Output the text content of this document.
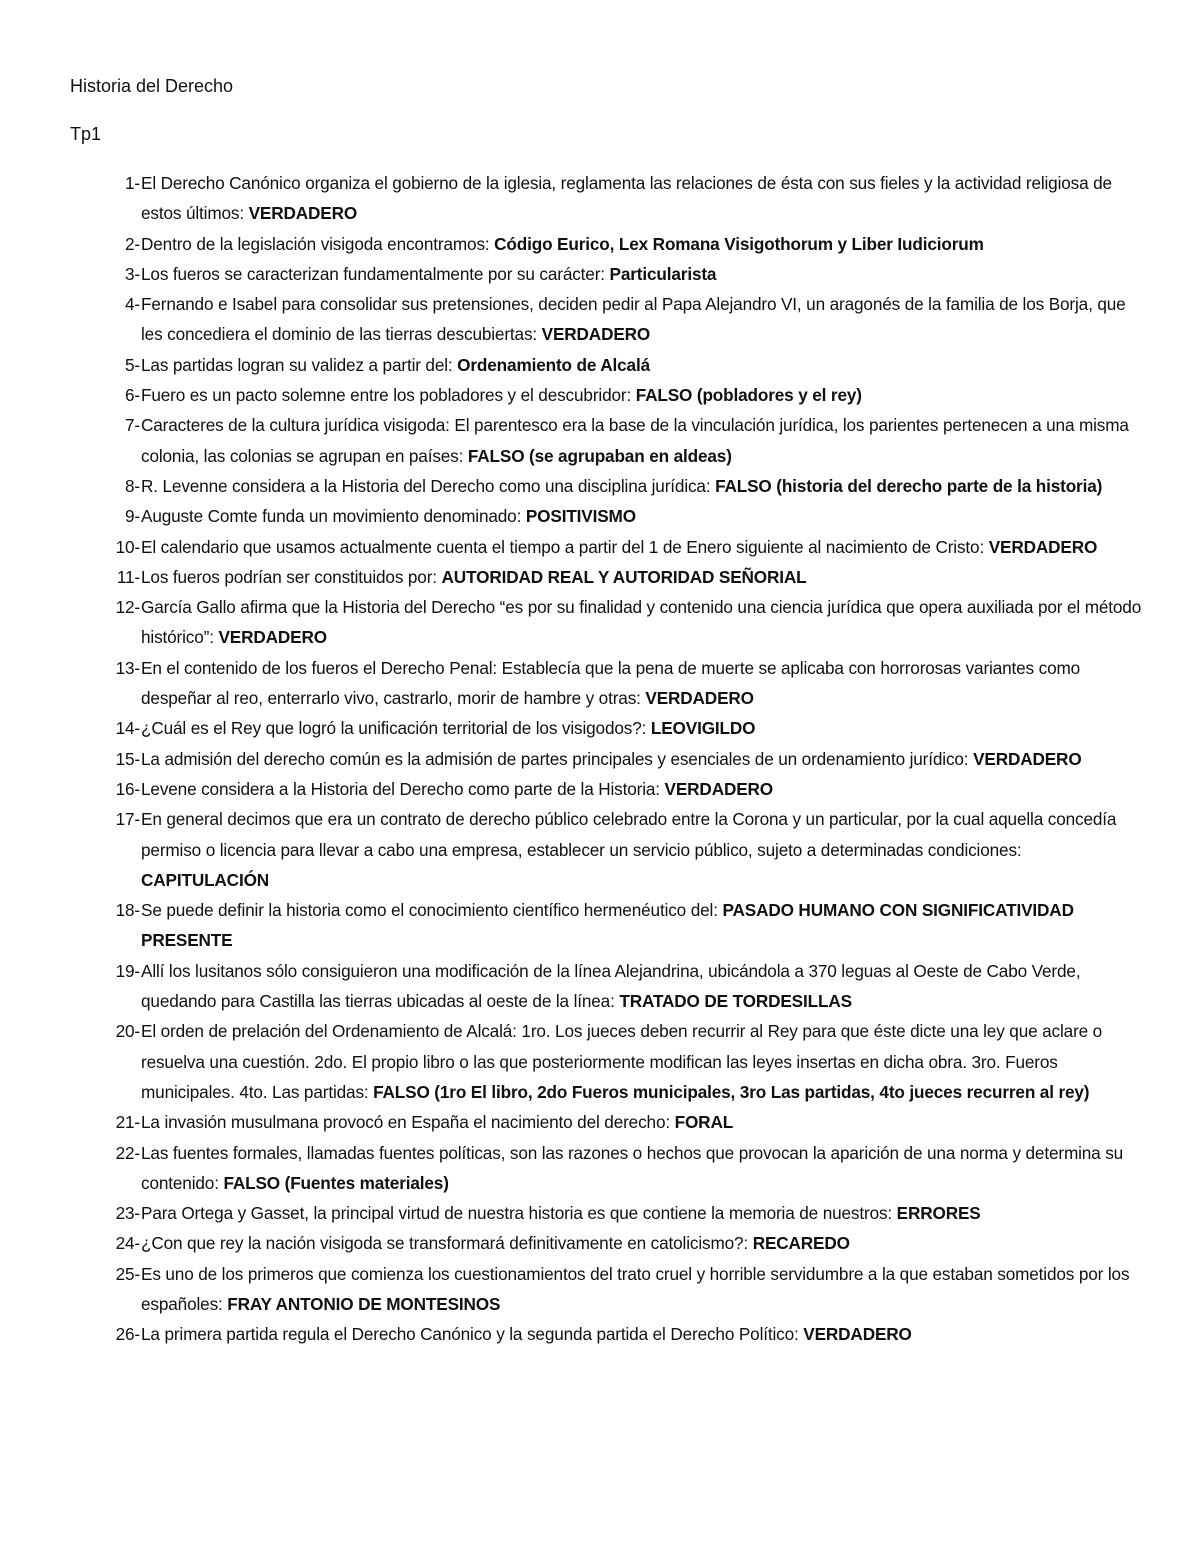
Historia del Derecho

Tp1

1- El Derecho Canónico organiza el gobierno de la iglesia, reglamenta las relaciones de ésta con sus fieles y la actividad religiosa de estos últimos: VERDADERO
2- Dentro de la legislación visigoda encontramos: Código Eurico, Lex Romana Visigothorum y Liber Iudiciorum
3- Los fueros se caracterizan fundamentalmente por su carácter: Particularista
4- Fernando e Isabel para consolidar sus pretensiones, deciden pedir al Papa Alejandro VI, un aragonés de la familia de los Borja, que les concediera el dominio de las tierras descubiertas: VERDADERO
5- Las partidas logran su validez a partir del: Ordenamiento de Alcalá
6- Fuero es un pacto solemne entre los pobladores y el descubridor: FALSO (pobladores y el rey)
7- Caracteres de la cultura jurídica visigoda: El parentesco era la base de la vinculación jurídica, los parientes pertenecen a una misma colonia, las colonias se agrupan en países: FALSO (se agrupaban en aldeas)
8- R. Levenne considera a la Historia del Derecho como una disciplina jurídica: FALSO (historia del derecho parte de la historia)
9- Auguste Comte funda un movimiento denominado: POSITIVISMO
10- El calendario que usamos actualmente cuenta el tiempo a partir del 1 de Enero siguiente al nacimiento de Cristo: VERDADERO
11- Los fueros podrían ser constituidos por: AUTORIDAD REAL Y AUTORIDAD SEÑORIAL
12- García Gallo afirma que la Historia del Derecho “es por su finalidad y contenido una ciencia jurídica que opera auxiliada por el método histórico”: VERDADERO
13- En el contenido de los fueros el Derecho Penal: Establecía que la pena de muerte se aplicaba con horrorosas variantes como despeñar al reo, enterrarlo vivo, castrarlo, morir de hambre y otras: VERDADERO
14- ¿Cuál es el Rey que logró la unificación territorial de los visigodos?: LEOVIGILDO
15- La admisión del derecho común es la admisión de partes principales y esenciales de un ordenamiento jurídico: VERDADERO
16- Levene considera a la Historia del Derecho como parte de la Historia: VERDADERO
17- En general decimos que era un contrato de derecho público celebrado entre la Corona y un particular, por la cual aquella concedía permiso o licencia para llevar a cabo una empresa, establecer un servicio público, sujeto a determinadas condiciones: CAPITULACIÓN
18- Se puede definir la historia como el conocimiento científico hermenéutico del: PASADO HUMANO CON SIGNIFICATIVIDAD PRESENTE
19- Allí los lusitanos sólo consiguieron una modificación de la línea Alejandrina, ubicándola a 370 leguas al Oeste de Cabo Verde, quedando para Castilla las tierras ubicadas al oeste de la línea: TRATADO DE TORDESILLAS
20- El orden de prelación del Ordenamiento de Alcalá: 1ro. Los jueces deben recurrir al Rey para que éste dicte una ley que aclare o resuelva una cuestión. 2do. El propio libro o las que posteriormente modifican las leyes insertas en dicha obra. 3ro. Fueros municipales. 4to. Las partidas: FALSO (1ro El libro, 2do Fueros municipales, 3ro Las partidas, 4to jueces recurren al rey)
21- La invasión musulmana provocó en España el nacimiento del derecho: FORAL
22- Las fuentes formales, llamadas fuentes políticas, son las razones o hechos que provocan la aparición de una norma y determina su contenido: FALSO (Fuentes materiales)
23- Para Ortega y Gasset, la principal virtud de nuestra historia es que contiene la memoria de nuestros: ERRORES
24- ¿Con que rey la nación visigoda se transformará definitivamente en catolicismo?: RECAREDO
25- Es uno de los primeros que comienza los cuestionamientos del trato cruel y horrible servidumbre a la que estaban sometidos por los españoles: FRAY ANTONIO DE MONTESINOS
26- La primera partida regula el Derecho Canónico y la segunda partida el Derecho Político: VERDADERO
